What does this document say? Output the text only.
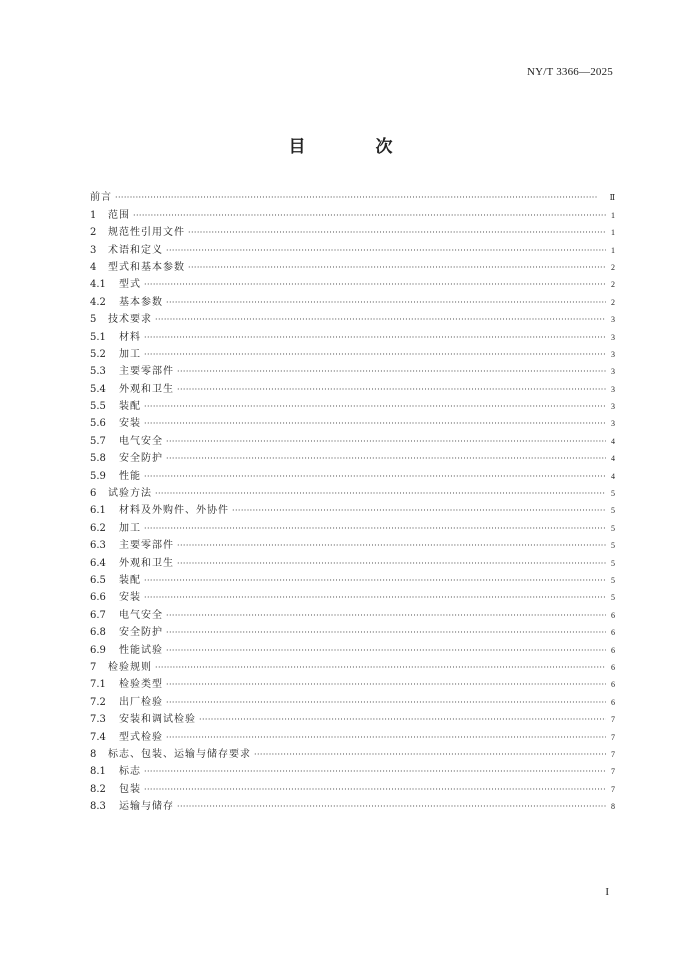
NY/T 3366—2025
目 次
前言 ·····	Ⅱ
1	范围 ·····	1
2	规范性引用文件 ·····	1
3	术语和定义 ·····	1
4	型式和基本参数 ·····	2
4.1	型式 ·····	2
4.2	基本参数 ·····	2
5	技术要求 ·····	3
5.1	材料 ·····	3
5.2	加工 ·····	3
5.3	主要零部件 ·····	3
5.4	外观和卫生 ·····	3
5.5	装配 ·····	3
5.6	安装 ·····	3
5.7	电气安全 ·····	4
5.8	安全防护 ·····	4
5.9	性能 ·····	4
6	试验方法 ·····	5
6.1	材料及外购件、外协件 ·····	5
6.2	加工 ·····	5
6.3	主要零部件 ·····	5
6.4	外观和卫生 ·····	5
6.5	装配 ·····	5
6.6	安装 ·····	5
6.7	电气安全 ·····	6
6.8	安全防护 ·····	6
6.9	性能试验 ·····	6
7	检验规则 ·····	6
7.1	检验类型 ·····	6
7.2	出厂检验 ·····	6
7.3	安装和调试检验 ·····	7
7.4	型式检验 ·····	7
8	标志、包装、运输与储存要求 ·····	7
8.1	标志 ·····	7
8.2	包装 ·····	7
8.3	运输与储存 ·····	8
I
